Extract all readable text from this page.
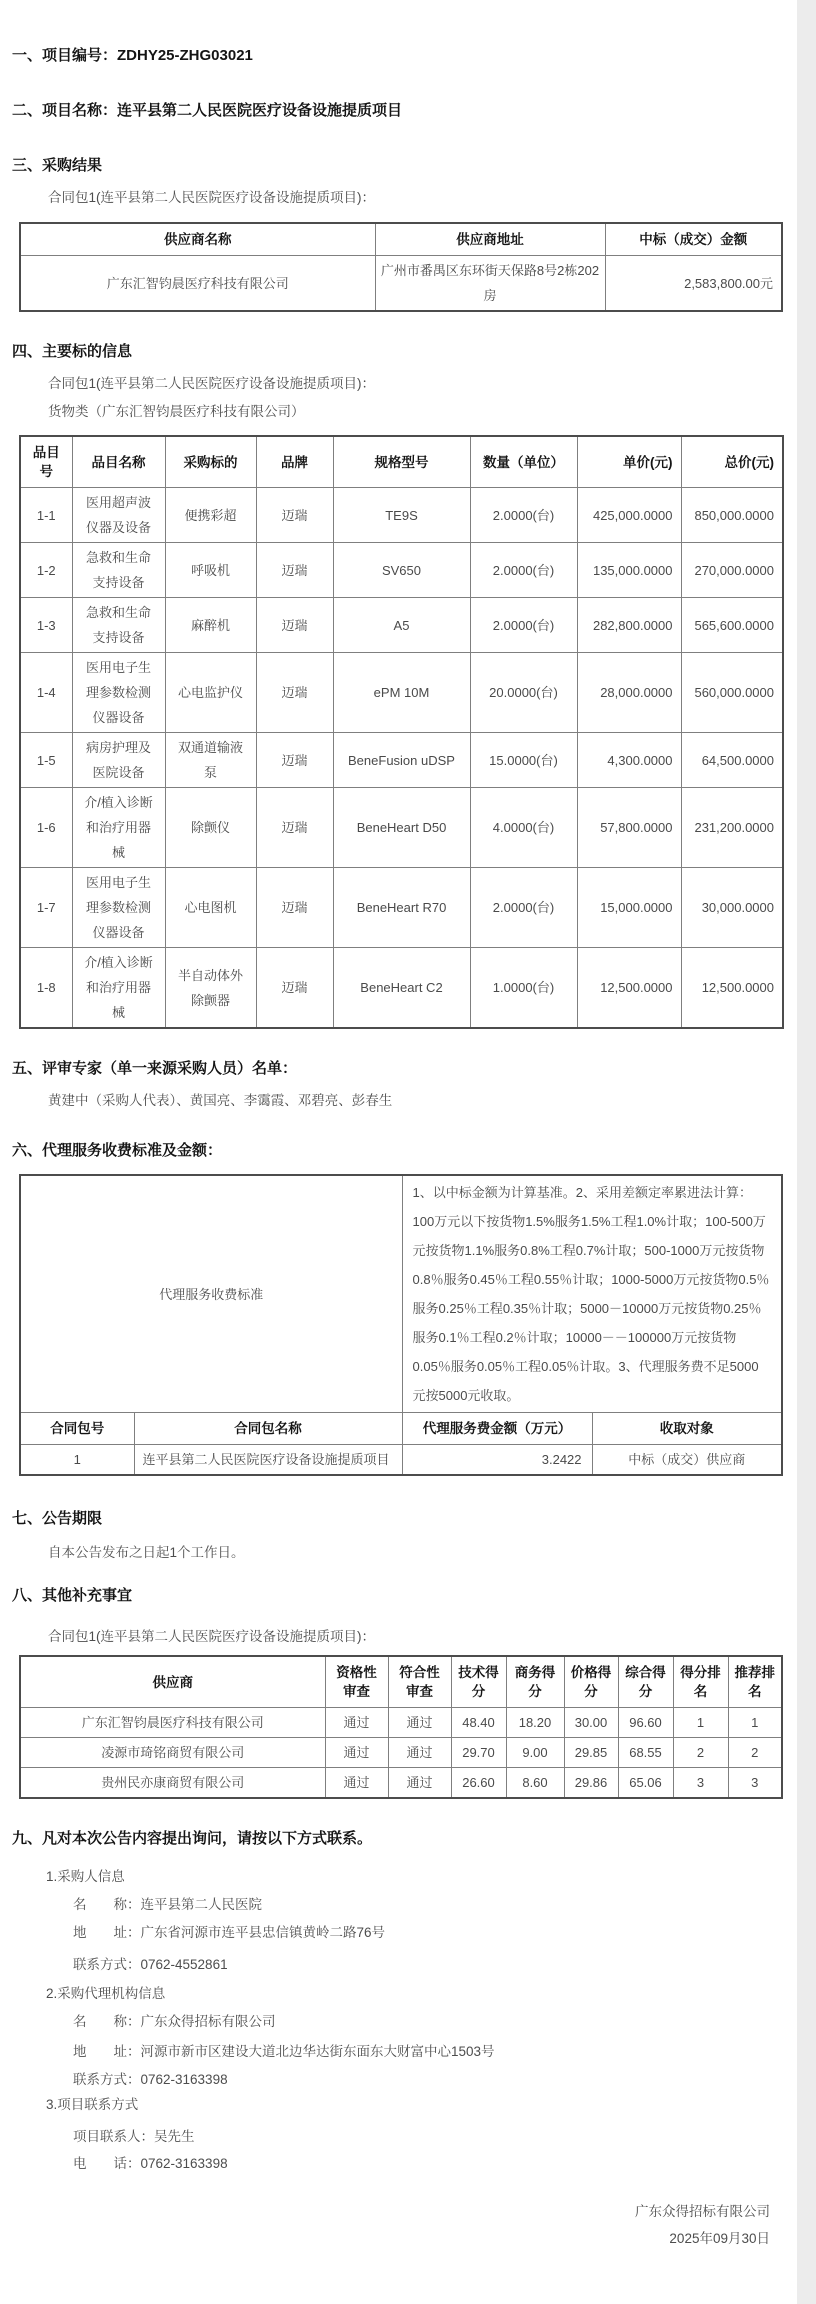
一、项目编号：ZDHY25-ZHG03021
二、项目名称：连平县第二人民医院医疗设备设施提质项目
三、采购结果
合同包1(连平县第二人民医院医疗设备设施提质项目)：
供应商名称	供应商地址	中标（成交）金额
广东汇智钧晨医疗科技有限公司	广州市番禺区东环街天保路8号2栋202房	2,583,800.00元
四、主要标的信息
合同包1(连平县第二人民医院医疗设备设施提质项目)：
货物类（广东汇智钧晨医疗科技有限公司）
品目号	品目名称	采购标的	品牌	规格型号	数量（单位）	单价(元)	总价(元)
1-1	医用超声波仪器及设备	便携彩超	迈瑞	TE9S	2.0000(台)	425,000.0000	850,000.0000
1-2	急救和生命支持设备	呼吸机	迈瑞	SV650	2.0000(台)	135,000.0000	270,000.0000
1-3	急救和生命支持设备	麻醉机	迈瑞	A5	2.0000(台)	282,800.0000	565,600.0000
1-4	医用电子生理参数检测仪器设备	心电监护仪	迈瑞	ePM 10M	20.0000(台)	28,000.0000	560,000.0000
1-5	病房护理及医院设备	双通道输液泵	迈瑞	BeneFusion uDSP	15.0000(台)	4,300.0000	64,500.0000
1-6	介/植入诊断和治疗用器械	除颤仪	迈瑞	BeneHeart D50	4.0000(台)	57,800.0000	231,200.0000
1-7	医用电子生理参数检测仪器设备	心电图机	迈瑞	BeneHeart R70	2.0000(台)	15,000.0000	30,000.0000
1-8	介/植入诊断和治疗用器械	半自动体外除颤器	迈瑞	BeneHeart C2	1.0000(台)	12,500.0000	12,500.0000
五、评审专家（单一来源采购人员）名单：
黄建中（采购人代表）、黄国亮、李霭霞、邓碧亮、彭春生
六、代理服务收费标准及金额：
代理服务收费标准		1、以中标金额为计算基准。2、采用差额定率累进法计算：100万元以下按货物1.5%服务1.5%工程1.0%计取；100-500万元按货物1.1%服务0.8%工程0.7%计取；500-1000万元按货物0.8％服务0.45％工程0.55％计取；1000-5000万元按货物0.5％服务0.25％工程0.35％计取；5000－10000万元按货物0.25％服务0.1％工程0.2％计取；10000－－100000万元按货物0.05％服务0.05％工程0.05％计取。3、代理服务费不足5000元按5000元收取。	
合同包号	合同包名称	代理服务费金额（万元）	收取对象
1	连平县第二人民医院医疗设备设施提质项目	3.2422	中标（成交）供应商
七、公告期限
自本公告发布之日起1个工作日。
八、其他补充事宜
合同包1(连平县第二人民医院医疗设备设施提质项目)：
供应商	资格性审查	符合性审查	技术得分	商务得分	价格得分	综合得分	得分排名	推荐排名
广东汇智钧晨医疗科技有限公司	通过	通过	48.40	18.20	30.00	96.60	1	1
凌源市琦铭商贸有限公司	通过	通过	29.70	9.00	29.85	68.55	2	2
贵州民亦康商贸有限公司	通过	通过	26.60	8.60	29.86	65.06	3	3
九、凡对本次公告内容提出询问，请按以下方式联系。
1.采购人信息
名　　称：连平县第二人民医院
地　　址：广东省河源市连平县忠信镇黄岭二路76号
联系方式：0762-4552861
2.采购代理机构信息
名　　称：广东众得招标有限公司
地　　址：河源市新市区建设大道北边华达街东面东大财富中心1503号
联系方式：0762-3163398
3.项目联系方式
项目联系人：吴先生
电　　话：0762-3163398
广东众得招标有限公司
2025年09月30日
